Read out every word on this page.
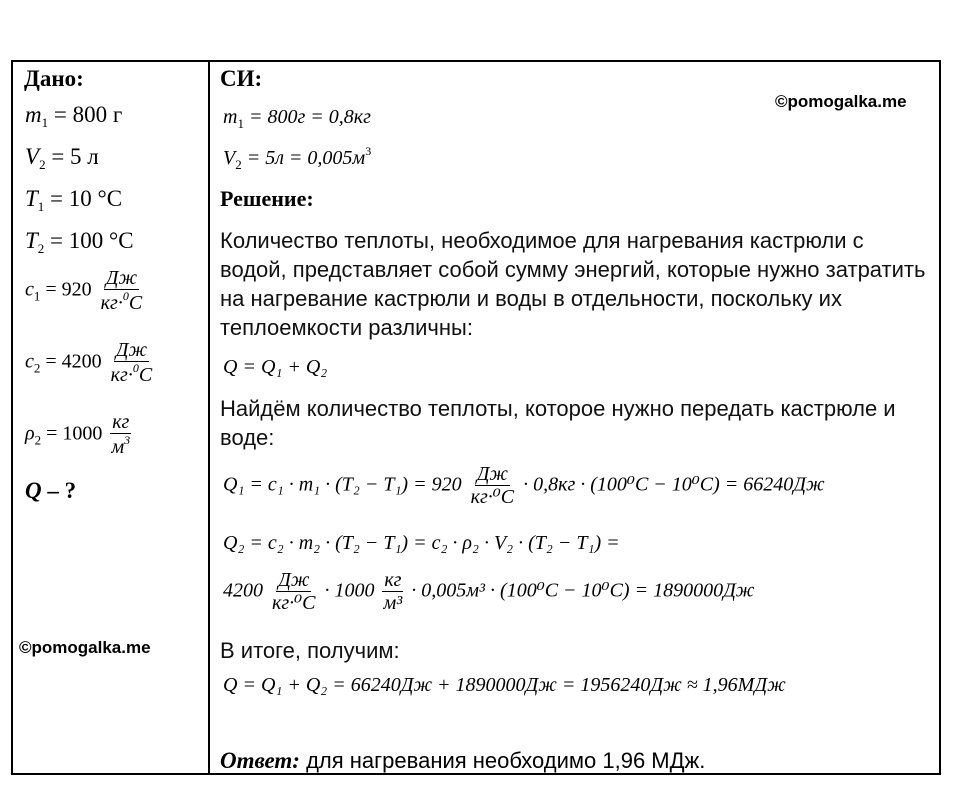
Дано:
$m_1 = 800$ г
$V_2 = 5$ л
$T_1 = 10$ °С
$T_2 = 100$ °С
$c_1 = 920 \frac{Дж}{кг\cdot^0C}$
$c_2 = 4200 \frac{Дж}{кг\cdot^0C}$
$\rho_2 = 1000 \frac{кг}{м^3}$
Q – ?
©pomogalka.me
СИ:
©pomogalka.me
$m_1 = 800г = 0,8кг$
$V_2 = 5л = 0,005м^3$
Решение:
Количество теплоты, необходимое для нагревания кастрюли с водой, представляет собой сумму энергий, которые нужно затратить на нагревание кастрюли и воды в отдельности, поскольку их теплоемкости различны:
Q = Q₁ + Q₂
Найдём количество теплоты, которое нужно передать кастрюле и воде:
$Q_1 = c_1 \cdot m_1 \cdot (T_2 - T_1) = 920 \frac{Дж}{\text{кг·⁰C}} \cdot 0,8кг \cdot (100^0C - 10^0C) = 66240Дж$
Q₂ = c₂ · m₂ · (T₂ − T₁) = c₂ · ρ₂ · V₂ · (T₂ − T₁) =
$4200 \frac{Дж}{\text{кг·⁰C}} \cdot 1000 \frac{кг}{\text{м³}} \cdot 0,005м^3 \cdot (100^0C - 10^0C) = 1890000Дж$
В итоге, получим:
Q = Q₁ + Q₂ = 66240Дж + 1890000Дж = 1956240Дж ≈ 1,96МДж
Ответ: для нагревания необходимо 1,96 МДж.
